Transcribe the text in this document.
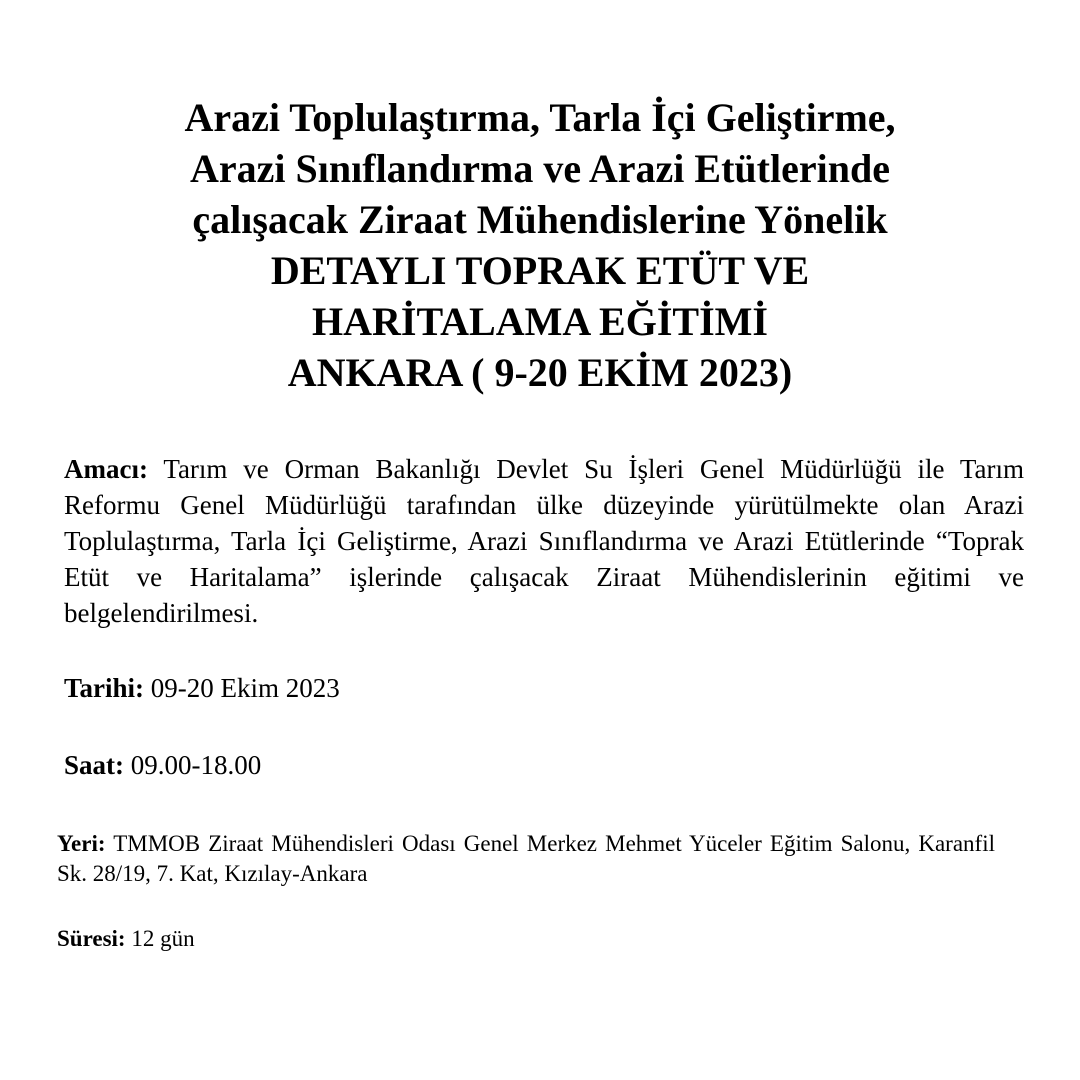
Arazi Toplulaştırma, Tarla İçi Geliştirme,
Arazi Sınıflandırma ve Arazi Etütlerinde
çalışacak Ziraat Mühendislerine Yönelik
DETAYLI TOPRAK ETÜT VE
HARİTALAMA EĞİTİMİ
ANKARA ( 9-20 EKİM 2023)

Amacı: Tarım ve Orman Bakanlığı Devlet Su İşleri Genel Müdürlüğü ile Tarım Reformu Genel Müdürlüğü tarafından ülke düzeyinde yürütülmekte olan Arazi Toplulaştırma, Tarla İçi Geliştirme, Arazi Sınıflandırma ve Arazi Etütlerinde “Toprak Etüt ve Haritalama” işlerinde çalışacak Ziraat Mühendislerinin eğitimi ve belgelendirilmesi.

Tarihi: 09-20 Ekim 2023

Saat: 09.00-18.00

Yeri: TMMOB Ziraat Mühendisleri Odası Genel Merkez Mehmet Yüceler Eğitim Salonu, Karanfil Sk. 28/19, 7. Kat, Kızılay-Ankara

Süresi: 12 gün
